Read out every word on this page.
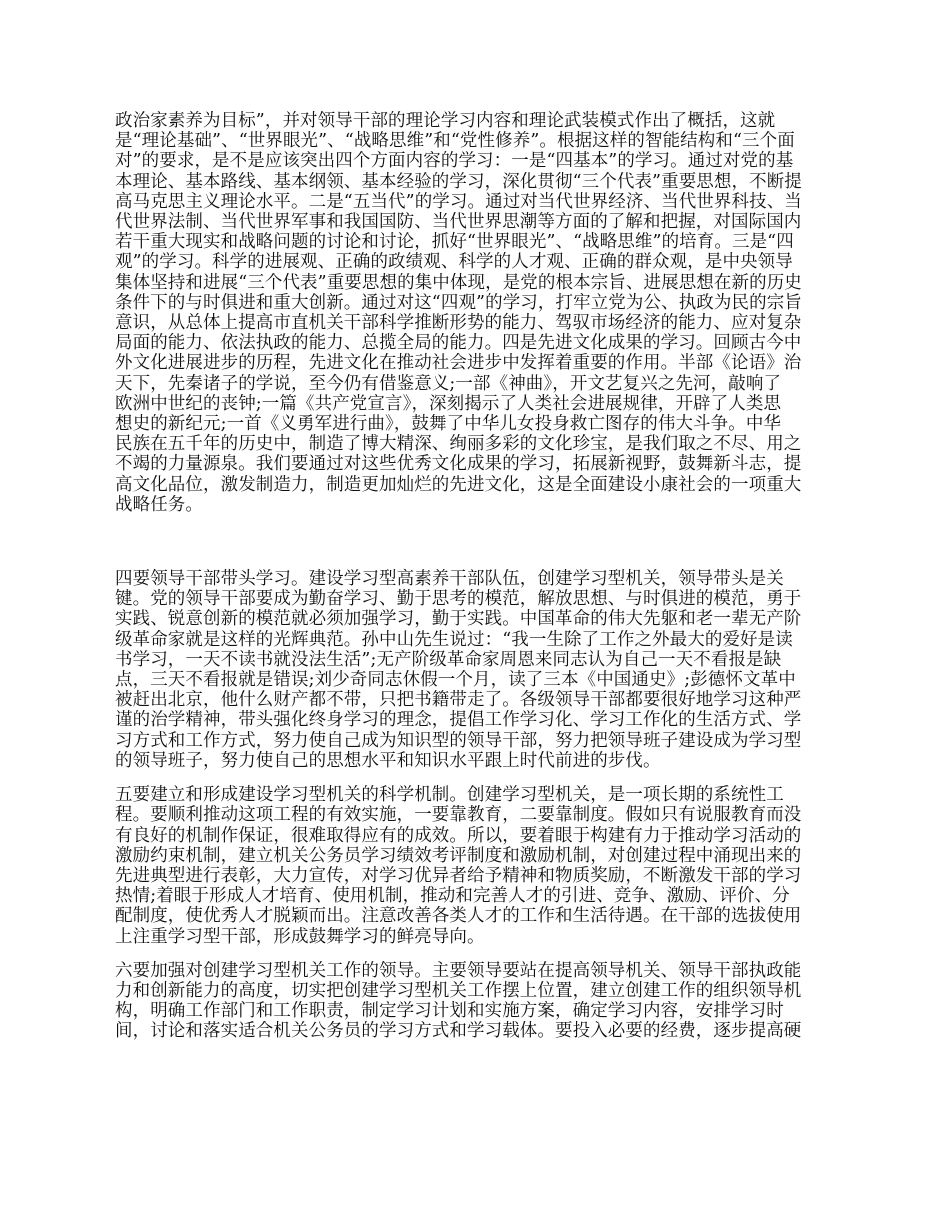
政治家素养为目标”，并对领导干部的理论学习内容和理论武装模式作出了概括，这就
是“理论基础”、“世界眼光”、“战略思维”和“党性修养”。根据这样的智能结构和“三个面
对”的要求，是不是应该突出四个方面内容的学习：一是“四基本”的学习。通过对党的基
本理论、基本路线、基本纲领、基本经验的学习，深化贯彻“三个代表”重要思想，不断提
高马克思主义理论水平。二是“五当代”的学习。通过对当代世界经济、当代世界科技、当
代世界法制、当代世界军事和我国国防、当代世界思潮等方面的了解和把握，对国际国内
若干重大现实和战略问题的讨论和讨论，抓好“世界眼光”、“战略思维”的培育。三是“四
观”的学习。科学的进展观、正确的政绩观、科学的人才观、正确的群众观，是中央领导
集体坚持和进展“三个代表”重要思想的集中体现，是党的根本宗旨、进展思想在新的历史
条件下的与时俱进和重大创新。通过对这“四观”的学习，打牢立党为公、执政为民的宗旨
意识，从总体上提高市直机关干部科学推断形势的能力、驾驭市场经济的能力、应对复杂
局面的能力、依法执政的能力、总揽全局的能力。四是先进文化成果的学习。回顾古今中
外文化进展进步的历程，先进文化在推动社会进步中发挥着重要的作用。半部《论语》治
天下，先秦诸子的学说，至今仍有借鉴意义;一部《神曲》，开文艺复兴之先河，敲响了
欧洲中世纪的丧钟;一篇《共产党宣言》，深刻揭示了人类社会进展规律，开辟了人类思
想史的新纪元;一首《义勇军进行曲》，鼓舞了中华儿女投身救亡图存的伟大斗争。中华
民族在五千年的历史中，制造了博大精深、绚丽多彩的文化珍宝，是我们取之不尽、用之
不竭的力量源泉。我们要通过对这些优秀文化成果的学习，拓展新视野，鼓舞新斗志，提
高文化品位，激发制造力，制造更加灿烂的先进文化，这是全面建设小康社会的一项重大
战略任务。

四要领导干部带头学习。建设学习型高素养干部队伍，创建学习型机关，领导带头是关
键。党的领导干部要成为勤奋学习、勤于思考的模范，解放思想、与时俱进的模范，勇于
实践、锐意创新的模范就必须加强学习，勤于实践。中国革命的伟大先躯和老一辈无产阶
级革命家就是这样的光辉典范。孙中山先生说过：“我一生除了工作之外最大的爱好是读
书学习，一天不读书就没法生活”;无产阶级革命家周恩来同志认为自己一天不看报是缺
点，三天不看报就是错误;刘少奇同志休假一个月，读了三本《中国通史》;彭德怀文革中
被赶出北京，他什么财产都不带，只把书籍带走了。各级领导干部都要很好地学习这种严
谨的治学精神，带头强化终身学习的理念，提倡工作学习化、学习工作化的生活方式、学
习方式和工作方式，努力使自己成为知识型的领导干部，努力把领导班子建设成为学习型
的领导班子，努力使自己的思想水平和知识水平跟上时代前进的步伐。

五要建立和形成建设学习型机关的科学机制。创建学习型机关，是一项长期的系统性工
程。要顺利推动这项工程的有效实施，一要靠教育，二要靠制度。假如只有说服教育而没
有良好的机制作保证，很难取得应有的成效。所以，要着眼于构建有力于推动学习活动的
激励约束机制，建立机关公务员学习绩效考评制度和激励机制，对创建过程中涌现出来的
先进典型进行表彰，大力宣传，对学习优异者给予精神和物质奖励，不断激发干部的学习
热情;着眼于形成人才培育、使用机制，推动和完善人才的引进、竞争、激励、评价、分
配制度，使优秀人才脱颖而出。注意改善各类人才的工作和生活待遇。在干部的选拔使用
上注重学习型干部，形成鼓舞学习的鲜亮导向。

六要加强对创建学习型机关工作的领导。主要领导要站在提高领导机关、领导干部执政能
力和创新能力的高度，切实把创建学习型机关工作摆上位置，建立创建工作的组织领导机
构，明确工作部门和工作职责，制定学习计划和实施方案，确定学习内容，安排学习时
间，讨论和落实适合机关公务员的学习方式和学习载体。要投入必要的经费，逐步提高硬
